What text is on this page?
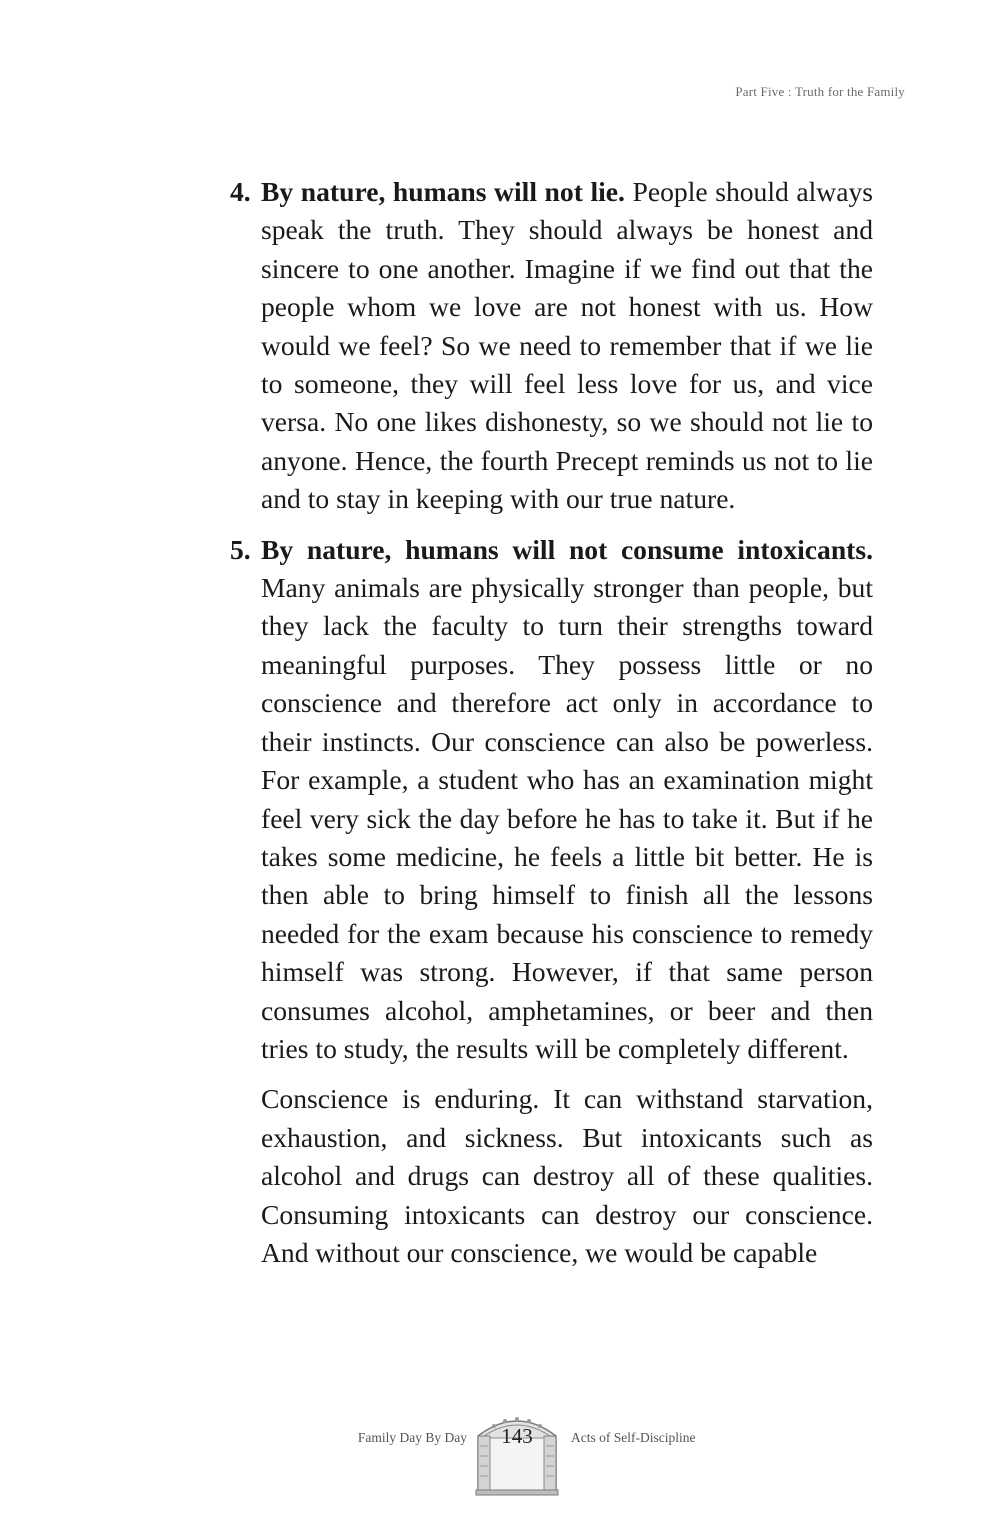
Part Five : Truth for the Family

4. By nature, humans will not lie. People should always speak the truth. They should always be honest and sincere to one another. Imagine if we find out that the people whom we love are not honest with us. How would we feel? So we need to remember that if we lie to someone, they will feel less love for us, and vice versa. No one likes dishonesty, so we should not lie to anyone. Hence, the fourth Precept reminds us not to lie and to stay in keeping with our true nature.

5. By nature, humans will not consume intoxicants. Many animals are physically stronger than people, but they lack the faculty to turn their strengths toward meaningful purposes. They possess little or no conscience and therefore act only in accordance to their instincts. Our conscience can also be powerless. For example, a student who has an examination might feel very sick the day before he has to take it. But if he takes some medicine, he feels a little bit better. He is then able to bring himself to finish all the lessons needed for the exam because his conscience to remedy himself was strong. However, if that same person consumes alcohol, amphetamines, or beer and then tries to study, the results will be completely different.

Conscience is enduring. It can withstand starvation, exhaustion, and sickness. But intoxicants such as alcohol and drugs can destroy all of these qualities. Consuming intoxicants can destroy our conscience. And without our conscience, we would be capable

Family Day By Day	143	Acts of Self-Discipline
